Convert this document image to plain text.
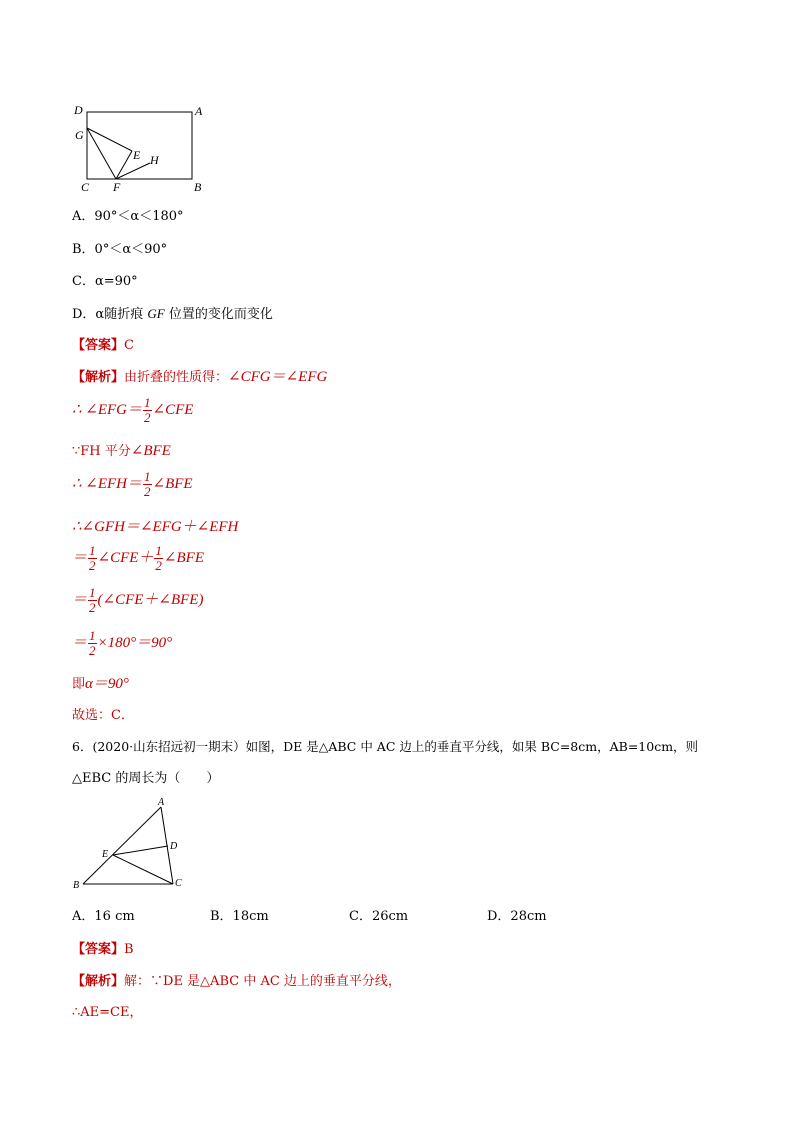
D	A
G
E H
C F	B
A．90°＜α＜180°
B．0°＜α＜90°
C．α=90°
D．α随折痕 GF 位置的变化而变化
【答案】C
【解析】由折叠的性质得：∠CFG＝∠EFG
∴ ∠EFG＝ $\frac{1}{2}$ ∠CFE
∵FH 平分∠BFE
∴ ∠EFH＝ $\frac{1}{2}$ ∠BFE
∴∠GFH＝∠EFG＋∠EFH
＝ $\frac{1}{2}$ ∠CFE＋ $\frac{1}{2}$ ∠BFE
＝ $\frac{1}{2}$ (∠CFE＋∠BFE)
＝ $\frac{1}{2} \times 180^\circ=90^\circ$
即α＝90°
故选：C．
6．(2020·山东招远初一期末）如图，DE 是△ABC 中 AC 边上的垂直平分线，如果 BC=8cm，AB=10cm，则
△EBC 的周长为（　　）
A
D
E
B	C
A．16 cm	B．18cm	C．26cm	D．28cm
【答案】B
【解析】解：∵DE 是△ABC 中 AC 边上的垂直平分线，
∴AE=CE，
